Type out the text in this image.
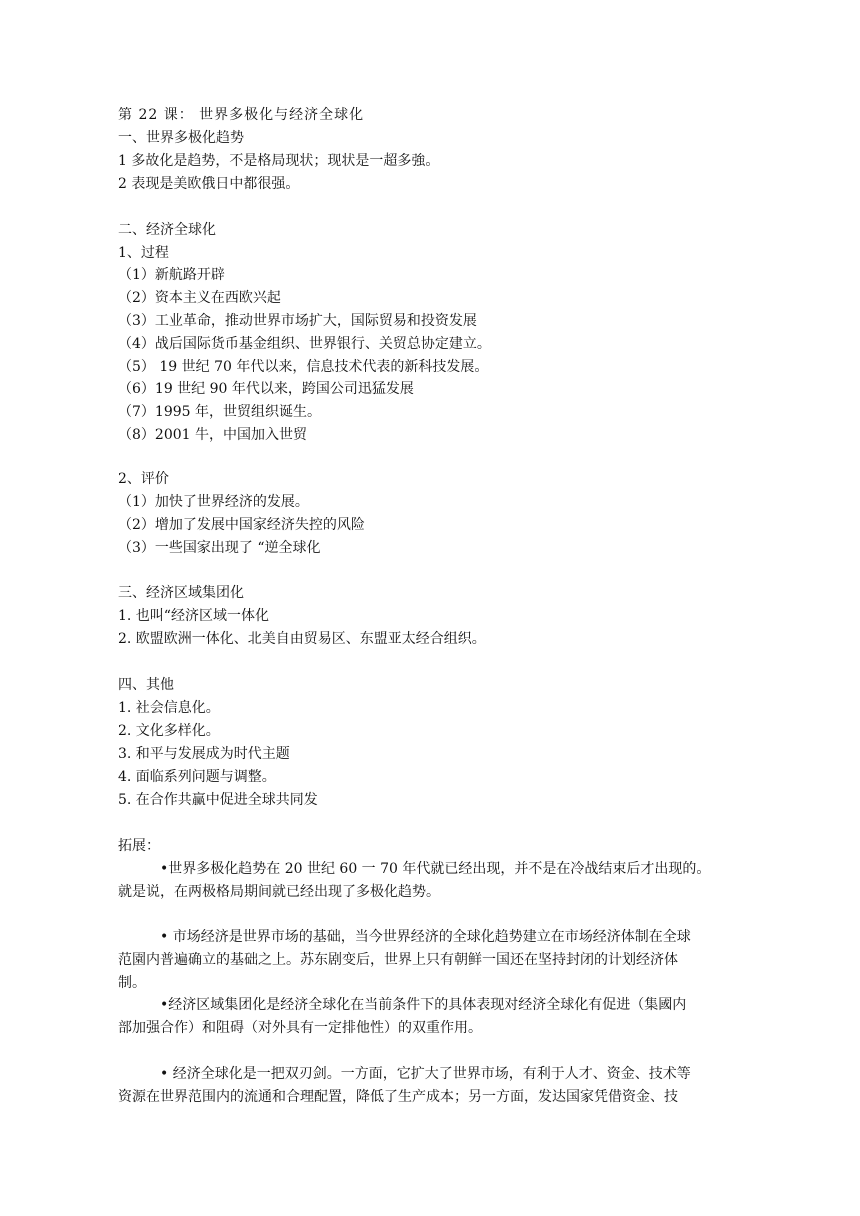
第 22 课： 世界多极化与经济全球化
一、世界多极化趋势
1 多故化是趋势，不是格局现状；现状是一超多強。
2 表现是美欧俄日中都很强。
二、经济全球化
1、过程
（1）新航路开辟
（2）资本主义在西欧兴起
（3）工业革命，推动世界市场扩大，国际贸易和投资发展
（4）战后国际货币基金组织、世界银行、关贸总协定建立。
（5） 19 世纪 70 年代以来，信息技术代表的新科技发展。
（6）19 世纪 90 年代以来，跨国公司迅猛发展
（7）1995 年，世贸组织诞生。
（8）2001 牛，中国加入世贸
2、评价
（1）加快了世界经济的发展。
（2）增加了发展中国家经济失控的风险
（3）一些国家出现了 “逆全球化
三、经济区域集团化
1. 也叫“经济区域一体化
2. 欧盟欧洲一体化、北美自由贸易区、东盟亚太经合组织。
四、其他
1. 社会信息化。
2. 文化多样化。
3. 和平与发展成为时代主题
4. 面临系列问题与调整。
5. 在合作共赢中促进全球共同发
拓展：
•世界多极化趋势在 20 世纪 60 一 70 年代就已经出现，并不是在冷战结束后才出现的。
就是说，在两极格局期间就已经出现了多极化趋势。
• 市场经济是世界市场的基础，当今世界经济的全球化趋势建立在市场经济体制在全球
范園内普遍确立的基础之上。苏东剧变后，世界上只有朝鲜一国还在坚持封闭的计划经济体
制。
•经济区域集团化是经济全球化在当前条件下的具体表现对经济全球化有促进（集國内
部加强合作）和阻碍（对外具有一定排他性）的双重作用。
• 经济全球化是一把双刃剑。一方面，它扩大了世界市场，有利于人才、资金、技术等
资源在世界范围内的流通和合理配置，降低了生产成本；另一方面，发达国家凭借资金、技
